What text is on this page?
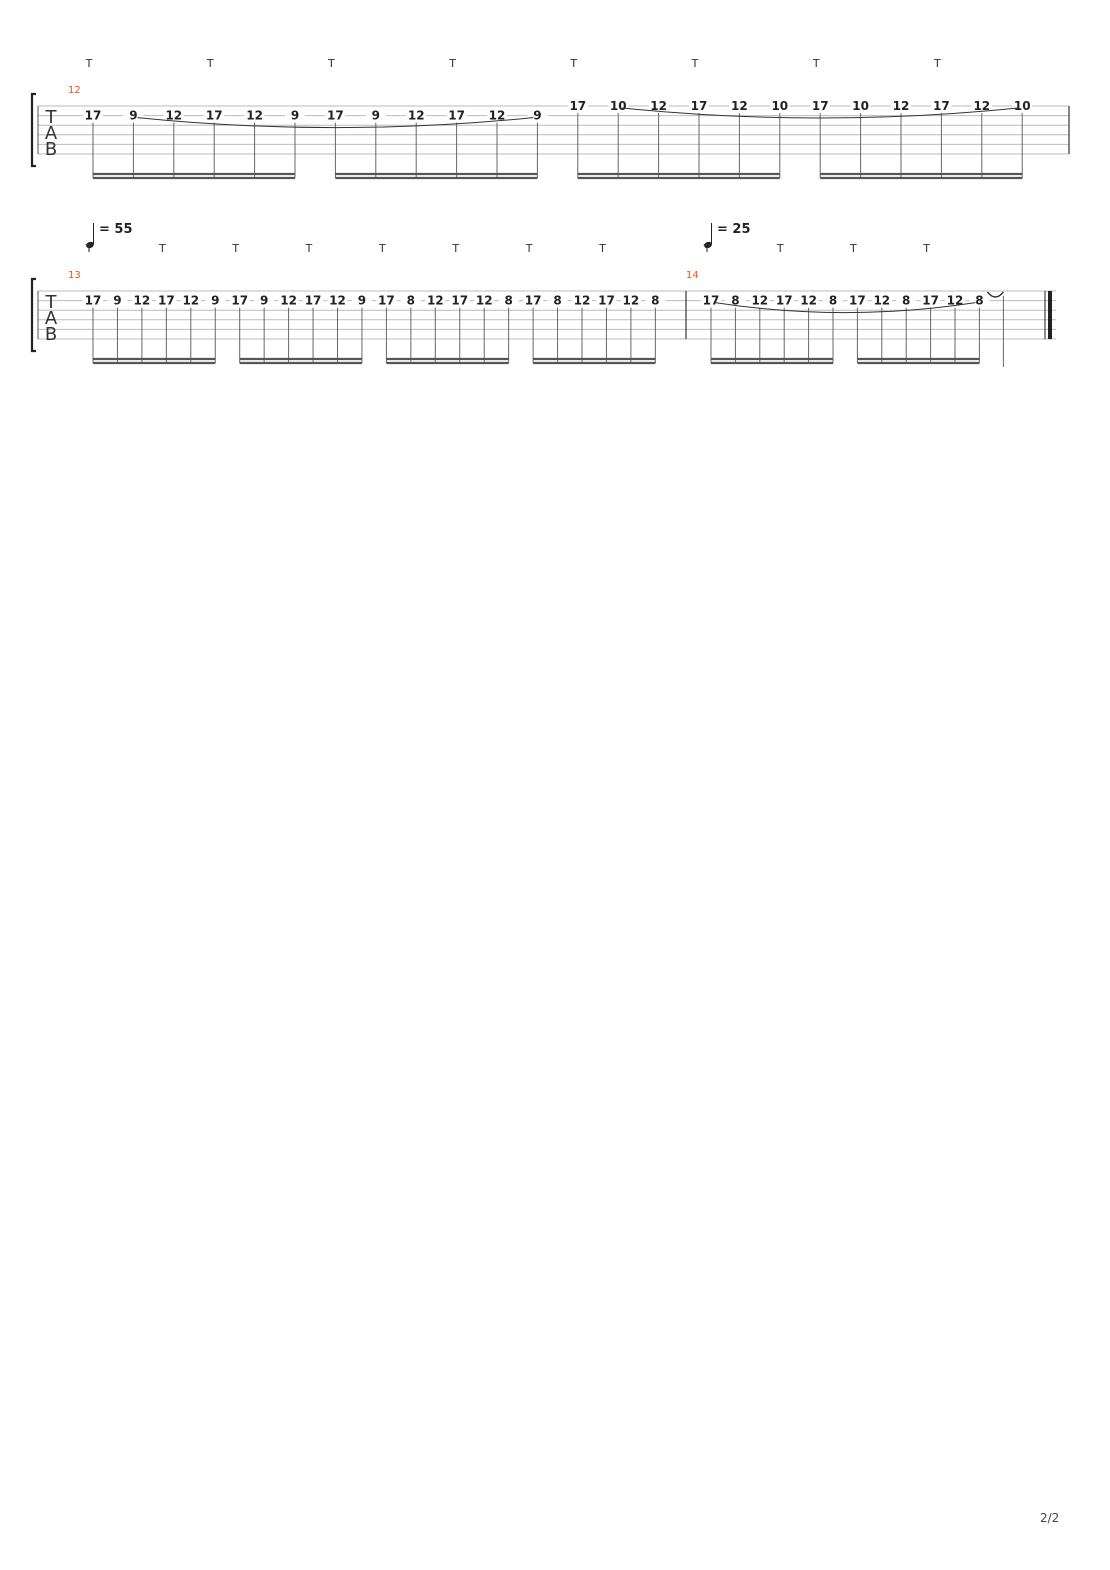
T
A
B
12
T	T	T	T	T	T	T	T
17 9 12 17 12 9 17 9 12 17 12 9
17 10 12 17 12 10 17 10 12 17 12 10
T
A
B
13
= 55
T	T	T	T	T	T	T	T
17 9 12 17 12 9 17 9 12 17 12 9 17 8 12 17 12 8 17 8 12 17 12 8
14
= 25
T	T	T	T
17 8 12 17 12 8 17 12 8 17 12 8
2/2
